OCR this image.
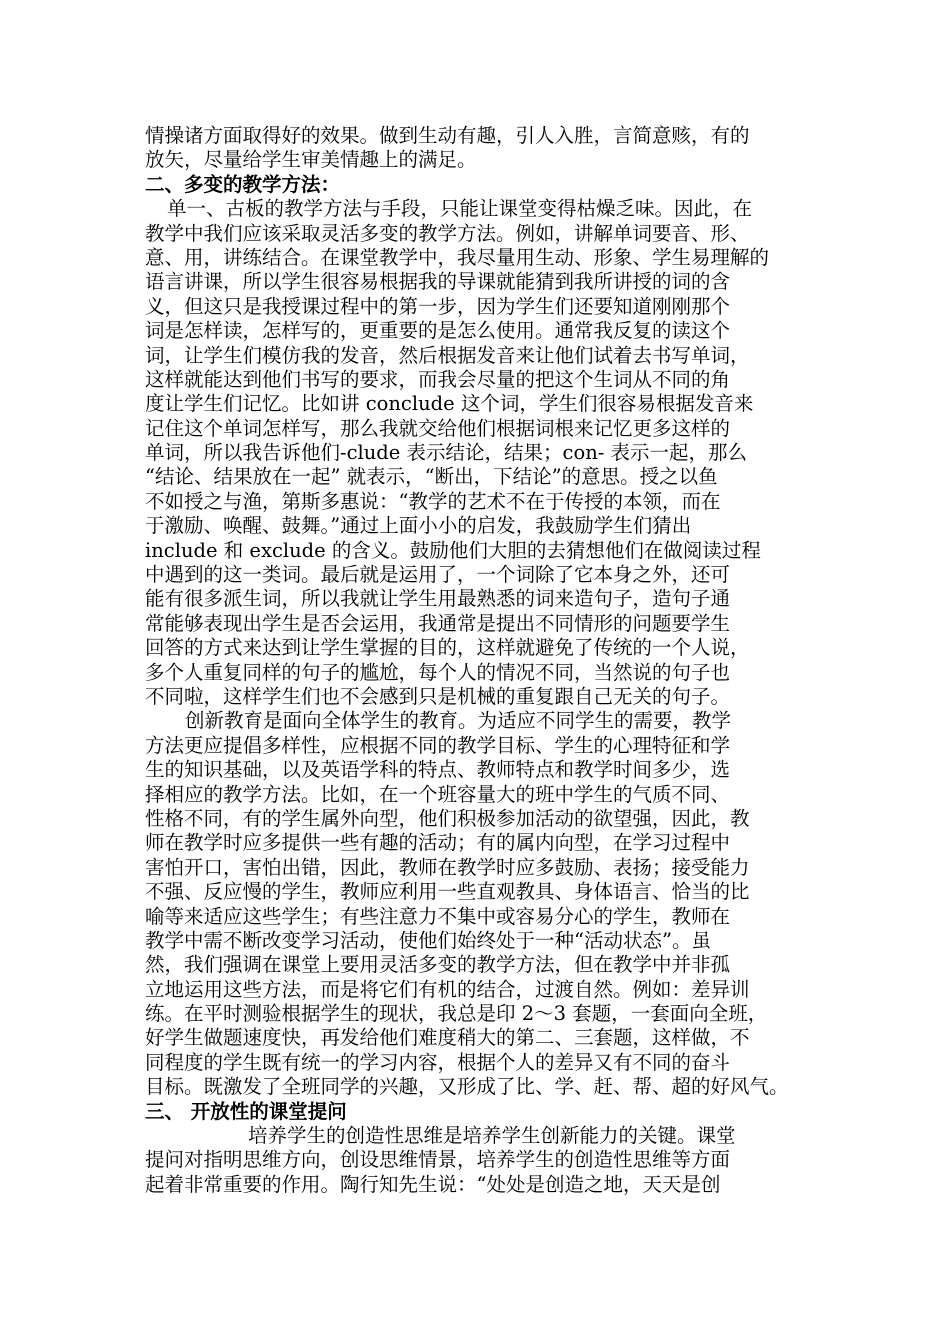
情操诸方面取得好的效果。做到生动有趣，引人入胜，言简意赅，有的
放矢，尽量给学生审美情趣上的满足。
二、多变的教学方法：
单一、古板的教学方法与手段，只能让课堂变得枯燥乏味。因此，在
教学中我们应该采取灵活多变的教学方法。例如，讲解单词要音、形、
意、用，讲练结合。在课堂教学中，我尽量用生动、形象、学生易理解的
语言讲课，所以学生很容易根据我的导课就能猜到我所讲授的词的含
义，但这只是我授课过程中的第一步，因为学生们还要知道刚刚那个
词是怎样读，怎样写的，更重要的是怎么使用。通常我反复的读这个
词，让学生们模仿我的发音，然后根据发音来让他们试着去书写单词，
这样就能达到他们书写的要求，而我会尽量的把这个生词从不同的角
度让学生们记忆。比如讲 conclude 这个词，学生们很容易根据发音来
记住这个单词怎样写，那么我就交给他们根据词根来记忆更多这样的
单词，所以我告诉他们-clude 表示结论，结果；con- 表示一起，那么
“结论、结果放在一起” 就表示，“断出，下结论”的意思。授之以鱼
不如授之与渔，第斯多惠说：“教学的艺术不在于传授的本领，而在
于激励、唤醒、鼓舞。”通过上面小小的启发，我鼓励学生们猜出
include 和 exclude 的含义。鼓励他们大胆的去猜想他们在做阅读过程
中遇到的这一类词。最后就是运用了，一个词除了它本身之外，还可
能有很多派生词，所以我就让学生用最熟悉的词来造句子，造句子通
常能够表现出学生是否会运用，我通常是提出不同情形的问题要学生
回答的方式来达到让学生掌握的目的，这样就避免了传统的一个人说，
多个人重复同样的句子的尴尬，每个人的情况不同，当然说的句子也
不同啦，这样学生们也不会感到只是机械的重复跟自己无关的句子。
创新教育是面向全体学生的教育。为适应不同学生的需要，教学
方法更应提倡多样性，应根据不同的教学目标、学生的心理特征和学
生的知识基础，以及英语学科的特点、教师特点和教学时间多少，选
择相应的教学方法。比如，在一个班容量大的班中学生的气质不同、
性格不同，有的学生属外向型，他们积极参加活动的欲望强，因此，教
师在教学时应多提供一些有趣的活动；有的属内向型，在学习过程中
害怕开口，害怕出错，因此，教师在教学时应多鼓励、表扬；接受能力
不强、反应慢的学生，教师应利用一些直观教具、身体语言、恰当的比
喻等来适应这些学生；有些注意力不集中或容易分心的学生，教师在
教学中需不断改变学习活动，使他们始终处于一种“活动状态”。虽
然，我们强调在课堂上要用灵活多变的教学方法，但在教学中并非孤
立地运用这些方法，而是将它们有机的结合，过渡自然。例如：差异训
练。在平时测验根据学生的现状，我总是印 2～3 套题，一套面向全班，
好学生做题速度快，再发给他们难度稍大的第二、三套题，这样做，不
同程度的学生既有统一的学习内容，根据个人的差异又有不同的奋斗
目标。既激发了全班同学的兴趣，又形成了比、学、赶、帮、超的好风气。
三、 开放性的课堂提问
培养学生的创造性思维是培养学生创新能力的关键。课堂
提问对指明思维方向，创设思维情景，培养学生的创造性思维等方面
起着非常重要的作用。陶行知先生说：“处处是创造之地，天天是创
